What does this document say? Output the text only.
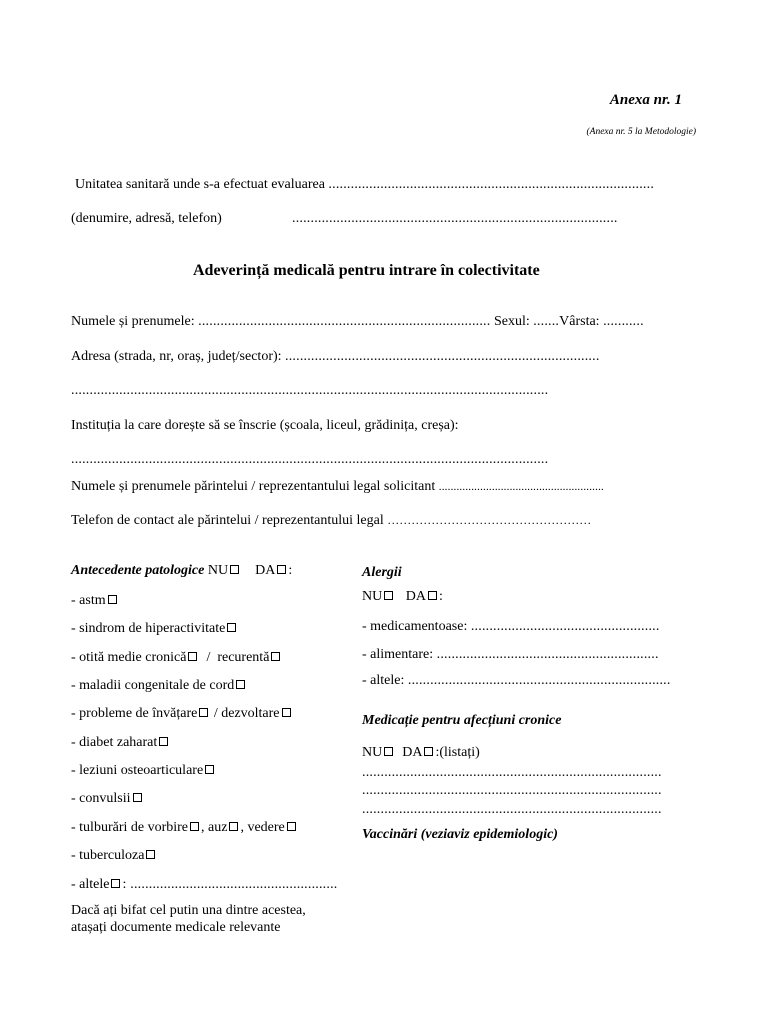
Anexa nr. 1
(Anexa nr. 5 la Metodologie)
Unitatea sanitară unde s-a efectuat evaluarea ........................................................................................
(denumire, adresă, telefon)	........................................................................................
Adeverință medicală pentru intrare în colectivitate
Numele și prenumele: ............................................................................... Sexul: .......Vârsta: ...........
Adresa (strada, nr, oraș, județ/sector): .....................................................................................
.................................................................................................................................
Instituția la care dorește să se înscrie (școala, liceul, grădinița, creșa):
.................................................................................................................................
Numele și prenumele părintelui / reprezentantului legal solicitant ........................................................
Telefon de contact ale părintelui / reprezentantului legal ……………………………………………
Antecedente patologice NU DA :
- astm
- sindrom de hiperactivitate
- otită medie cronică / recurentă
- maladii congenitale de cord
- probleme de învățare / dezvoltare
- diabet zaharat
- leziuni osteoarticulare
- convulsii
- tulburări de vorbire , auz , vedere
- tuberculoza
- altele : ........................................................
Dacă ați bifat cel putin una dintre acestea,
atașați documente medicale relevante
Alergii
NU DA :
- medicamentoase: ...................................................
- alimentare: ............................................................
- altele: .......................................................................
Medicație pentru afecțiuni cronice
NU DA :(listați)
.................................................................................
.................................................................................
.................................................................................
Vaccinări (veziaviz epidemiologic)
